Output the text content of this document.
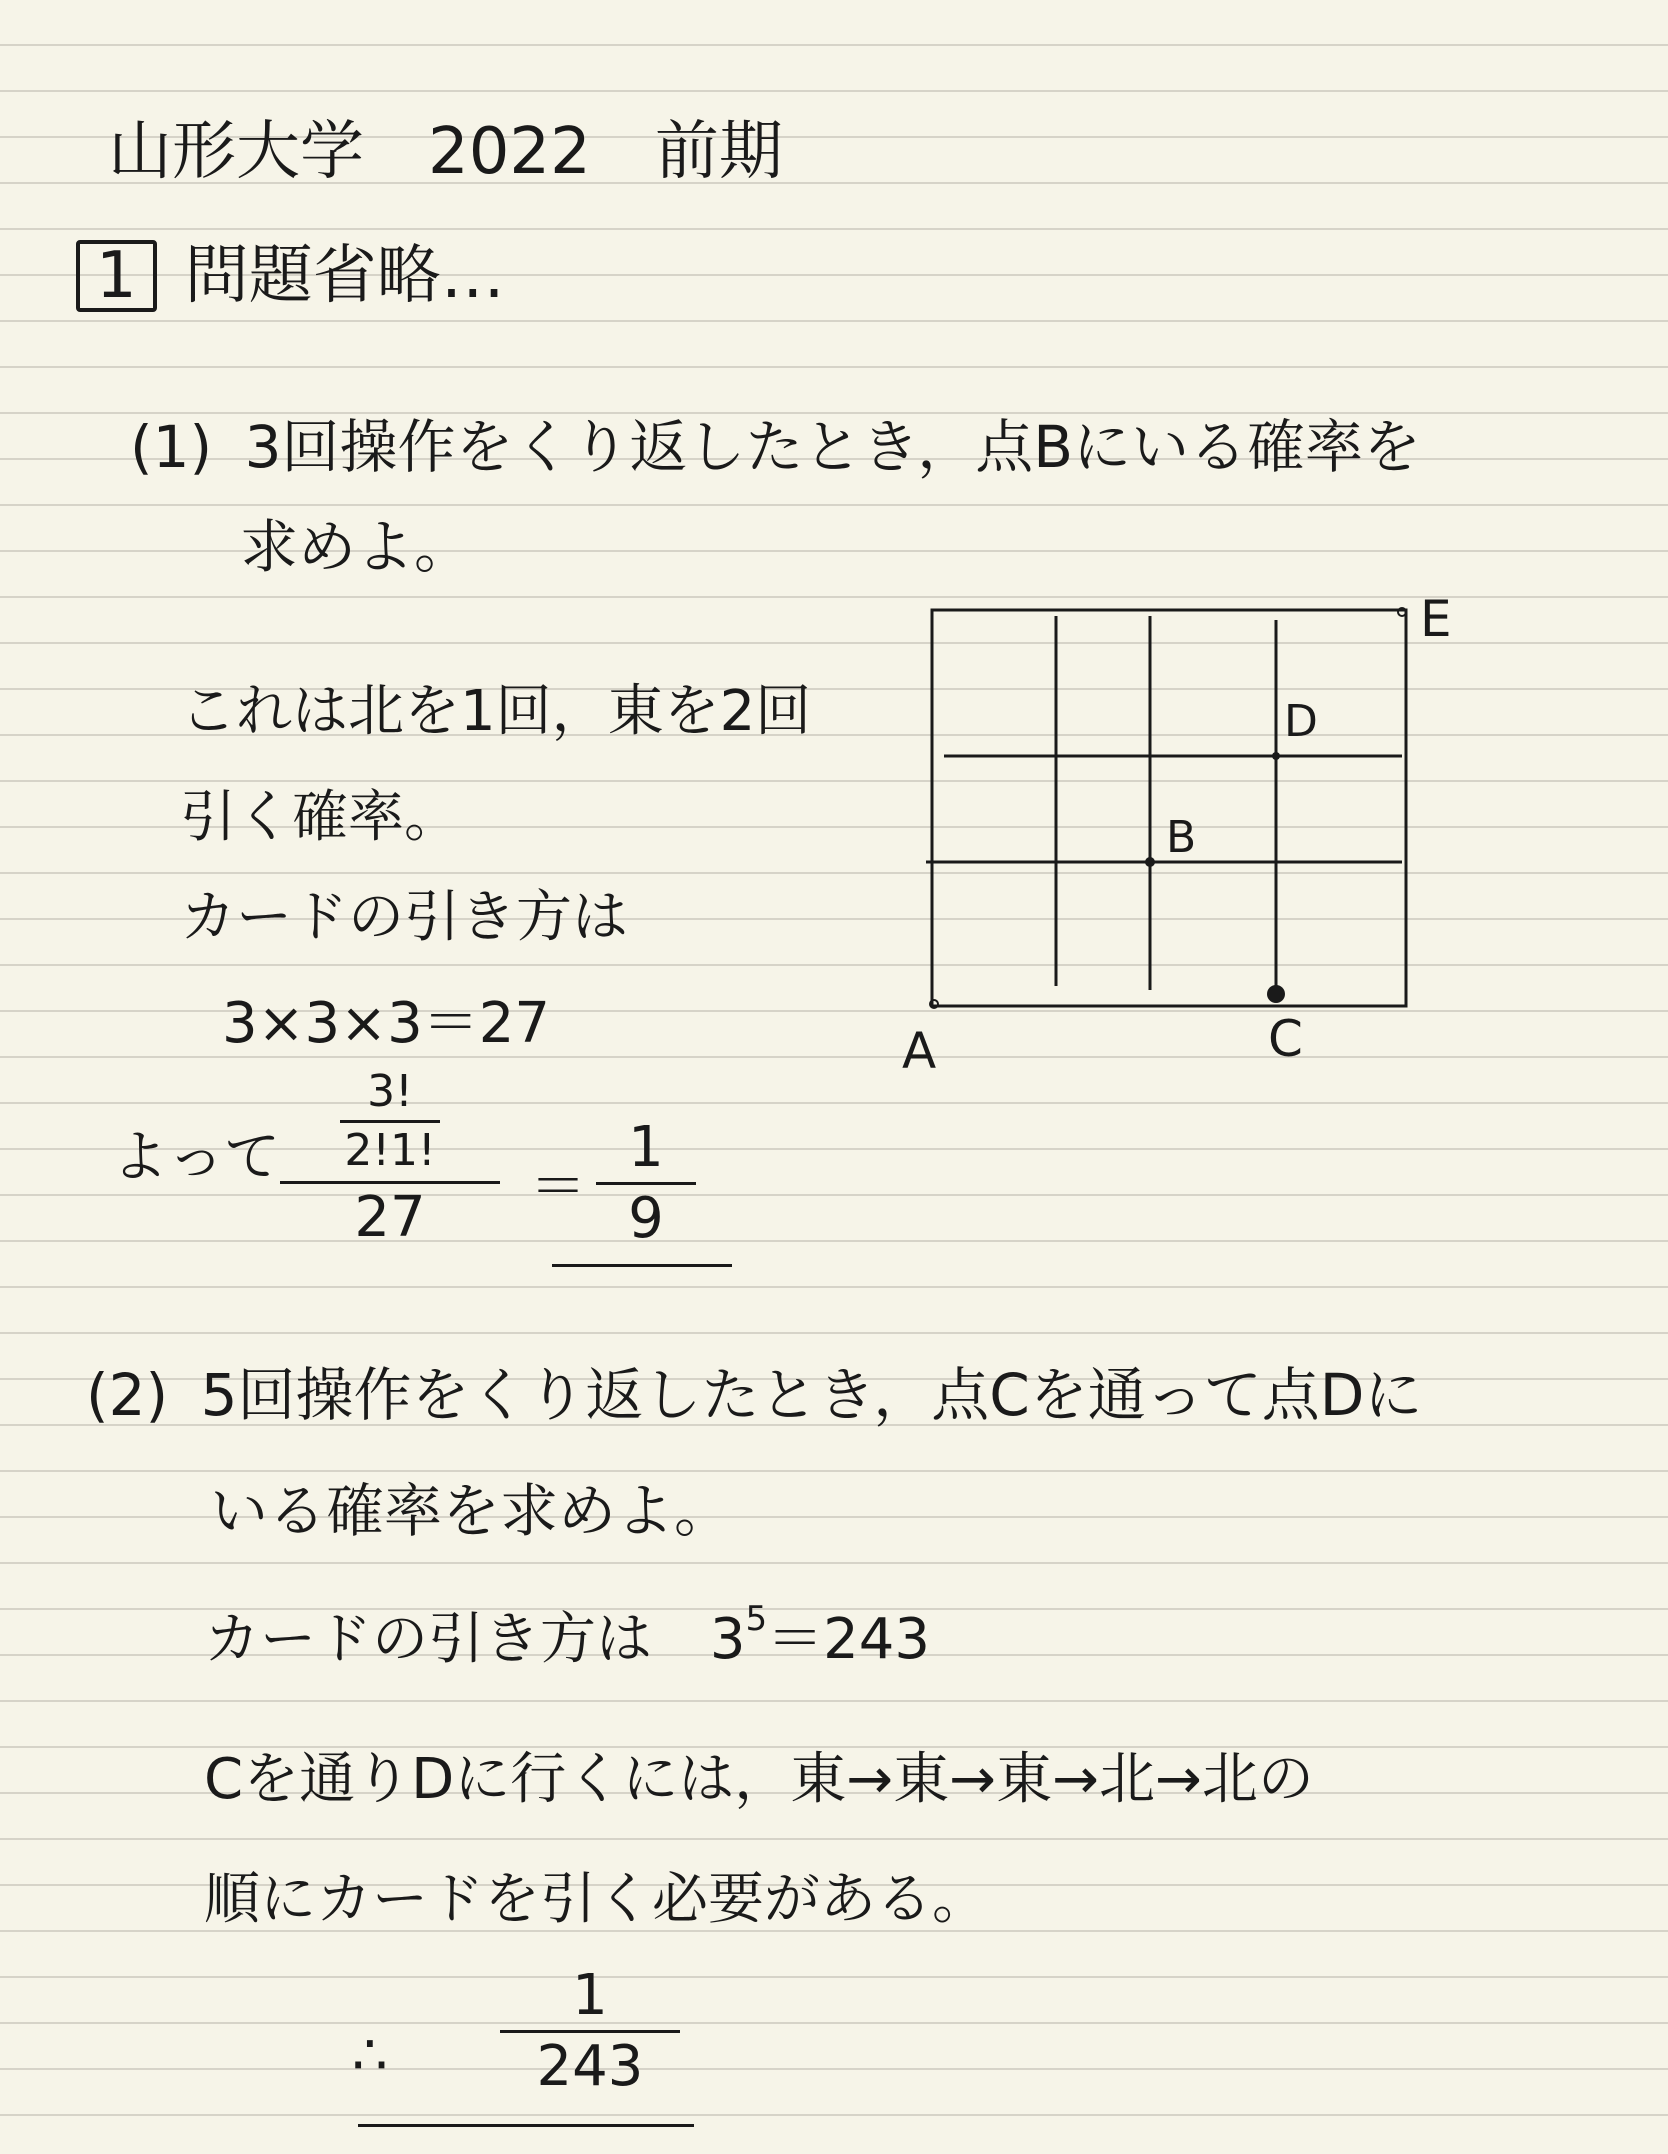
山形大学　2022　前期
1 問題省略…
(1) 3回操作をくり返したとき，点Bにいる確率を
求めよ。
これは北を1回，東を2回
引く確率。
カードの引き方は
3×3×3＝27
よって
3!
2!1!
27	＝
1
9
A
B
C
D
E
(2) 5回操作をくり返したとき，点Cを通って点Dに
いる確率を求めよ。
カードの引き方は $3^5=243$
Cを通りDに行くには，東→東→東→北→北の
順にカードを引く必要がある。
∴
1
243
